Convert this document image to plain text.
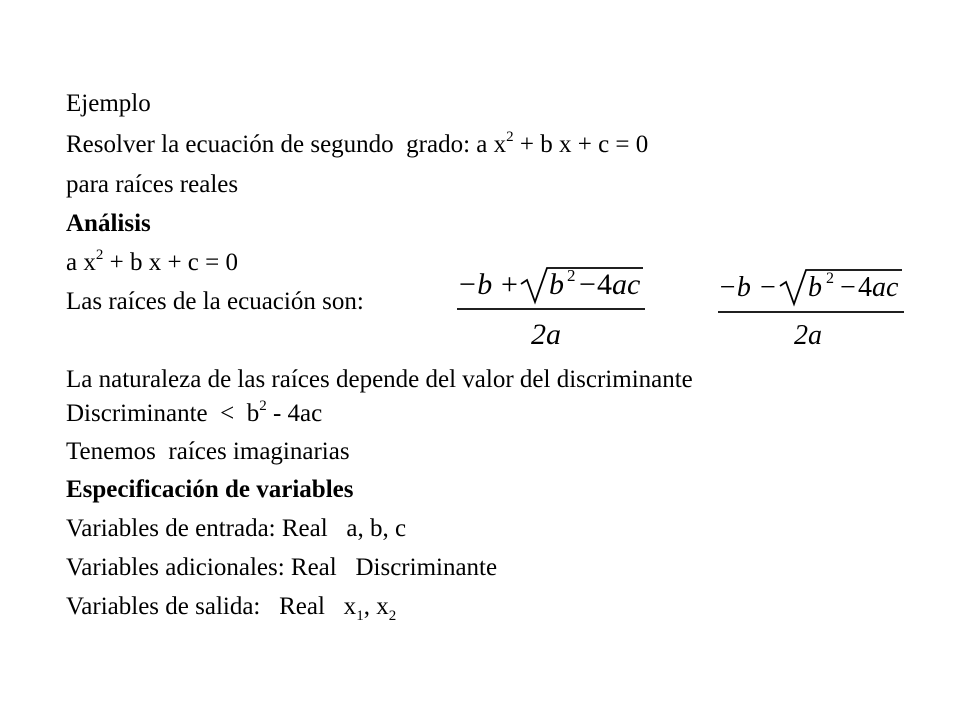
Ejemplo
Resolver la ecuación de segundo  grado: a $x^2 + b$ x + c = 0
para raíces reales
Análisis
a $x^2 + b$ x + c = 0
Las raíces de la ecuación son:
−b + b 2 − 4 ac
2a
−b − b 2 − 4 ac
2a
La naturaleza de las raíces depende del valor del discriminante
Discriminante  <  $b^2 - 4ac$
Tenemos  raíces imaginarias
Especificación de variables
Variables de entrada: Real   a, b, c
Variables adicionales: Real   Discriminante
Variables de salida:   Real   $x_1$, $x_2$
